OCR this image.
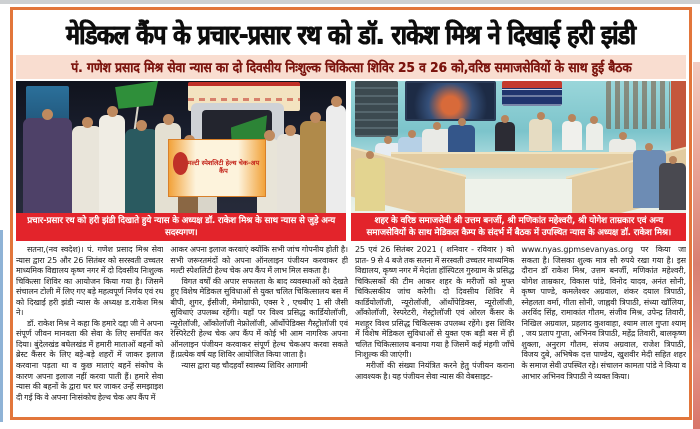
मेडिकल कैंप के प्रचार-प्रसार रथ को डॉ. राकेश मिश्र ने दिखाई हरी झंडी
पं. गणेश प्रसाद मिश्र सेवा न्यास का दो दिवसीय निःशुल्क चिकित्सा शिविर 25 व 26 को,वरिष्ठ समाजसेवियों के साथ हुई बैठक
मल्टी स्पेशलिटी हेल्थ चेक-अप कैंप
प्रचार-प्रसार रथ को हरी झंडी दिखाते हुये न्यास के अध्यक्ष डॉ. राकेश मिश्र के साथ न्यास से जुड़े अन्य सदस्यगण।
शहर के वरिष्ठ समाजसेवी श्री उत्तम बनर्जी, श्री मणिकांत महेश्वरी, श्री योगेश ताम्रकार एवं अन्य समाजसेवियों के साथ मेडिकल कैम्प के संदर्भ में बैठक में उपस्थित न्यास के अध्यक्ष डॉ. राकेश मिश्र।

सतना,(नव स्वदेश)। पं. गणेश प्रसाद मिश्र सेवा न्यास द्वारा 25 और 26 सितंबर को सरस्वती उच्चतर माध्यमिक विद्यालय कृष्ण नगर में दो दिवसीय निःशुल्क चिकित्सा शिविर का आयोजन किया गया है। जिसमें संचालन टोली में लिए गए बड़े महत्वपूर्ण निर्णय एवं रथ को दिखाई हरी झंडी न्यास के अध्यक्ष ड.राकेश मिश्र ने।

डॉ. राकेश मिश्र ने कहा कि हमारे दद्दा जी ने अपना संपूर्ण जीवन मानवता की सेवा के लिए समर्पित कर दिया। बुंदेलखंड बघेलखंड में हमारी माताओं बहनों को ब्रेस्ट कैंसर के लिए बड़े-बड़े शहरों में जाकर इलाज करवाना पड़ता था व कुछ माताएं बहनें संकोच के कारण अपना इलाज नहीं करवा पाती हैं। हमारे सेवा न्यास की बहनों के द्वारा घर घर जाकर उन्हें समझाइश दी गई कि वे अपना निःसंकोच हेल्थ चेक अप कैंप में

आकर अपना इलाज करवाएं क्योंकि सभी जांच गोपनीय होती है।सभी जरूरतमंदों को अपना ऑनलाइन पंजीयन करवाकर ही मल्टी स्पेशलिटी हेल्थ चेक अप कैंप में लाभ मिल सकता है।

विगत वर्षों की अपार सफलता के बाद व्यवस्थाओं को देखते हुए विशेष मेडिकल सुविधाओं से युक्त चलित चिकित्सालय बस में बीपी, शुगर, ईसीजी, मेमोग्राफी, एक्स रे , एचबीए 1 सी जैसी सुविधाएं उपलब्ध रहेंगी। यहाँ पर विश्व प्रसिद्ध कार्डियोलॉजी, न्यूरोलॉजी, ऑंकोलॉजी नेफ्रोलॉजी, ऑर्थोपेडिक्स गैस्ट्रोलॉजी एवं रेस्पिरेटरी हेल्थ चेक अप कैंप में कोई भी आम नागरिक अपना ऑनलाइन पंजीयन करवाकर संपूर्ण हेल्थ चेकअप करवा सकते हैं।प्रत्येक वर्ष यह शिविर आयोजित किया जाता है।

न्यास द्वारा यह चौदहवाँ स्वास्थ्य शिविर आगामी

25 एवं 26 सितंबर 2021 ( शनिवार - रविवार ) को प्रात- 9 से 4 बजे तक सतना में सरस्वती उच्चतर माध्यमिक विद्यालय, कृष्ण नगर में मेदांता हॉस्पिटल गुरुग्राम के प्रसिद्ध चिकित्सकों की टीम आकर शहर के मरीजों को मुफ्त चिकित्सकीय जांच करेगी। दो दिवसीय शिविर में कार्डियोलॉजी, न्यूरोलॉजी, ऑर्थोपेडिक्स, न्यूरोलॉजी, ऑंकोलॉजी, रेस्परेटरी, गेस्ट्रोलॉजी एवं ओरल कैंसर के मशहूर विश्व प्रसिद्ध चिकित्सक उपलब्ध रहेंगे। इस शिविर में विशेष मेडिकल सुविधाओं से युक्त एक बड़ी बस में ही चलित चिकित्सालय बनाया गया है जिसमें कई मंहगी जाँचें निःशुल्क की जाएंगी।

मरीजों की संख्या नियंत्रित करने हेतु पंजीयन कराना आवश्यक है। यह पंजीयन सेवा न्यास की वेबसाइट-

www.nyas.gpmsevanyas.org पर किया जा सकता है। जिसका शुल्क मात्र सौ रुपये रखा गया है। इस दौरान डॉ राकेश मिश्र, उत्तम बनर्जी, मणिकांत महेश्वरी, योगेश ताम्रकार, विकास पांडे, विनोद यादव, अनंत सोनी, कृष्ण पाण्डे, कमलेश्वर अग्रवाल, शंकर दयाल त्रिपाठी, स्नेहलता वर्मा, गीता सोनी, जाह्नवी त्रिपाठी, संध्या खॉलिया, अरविंद सिंह, रामाकांत गौतम, संजीव मिश्र, उपेन्द्र तिवारी, निखिल अग्रवाल, प्रहलाद कुशवाहा, श्याम लाल गुप्ता श्याम् , जय प्रताप गुप्ता, अभिनव त्रिपाठी, महेंद्र तिवारी, बालकृष्ण शुक्ला, अनुराग गौतम, संजय अग्रवाल, राजेश त्रिपाठी, विजय दुबे, अभिषेक दत्त पाण्डेय, खुशवीर मेदी सहित शहर के समाज सेवी उपस्थित रहे। संचालन कामता पांडे ने किया व आभार अभिनव त्रिपाठी ने व्यक्त किया।
